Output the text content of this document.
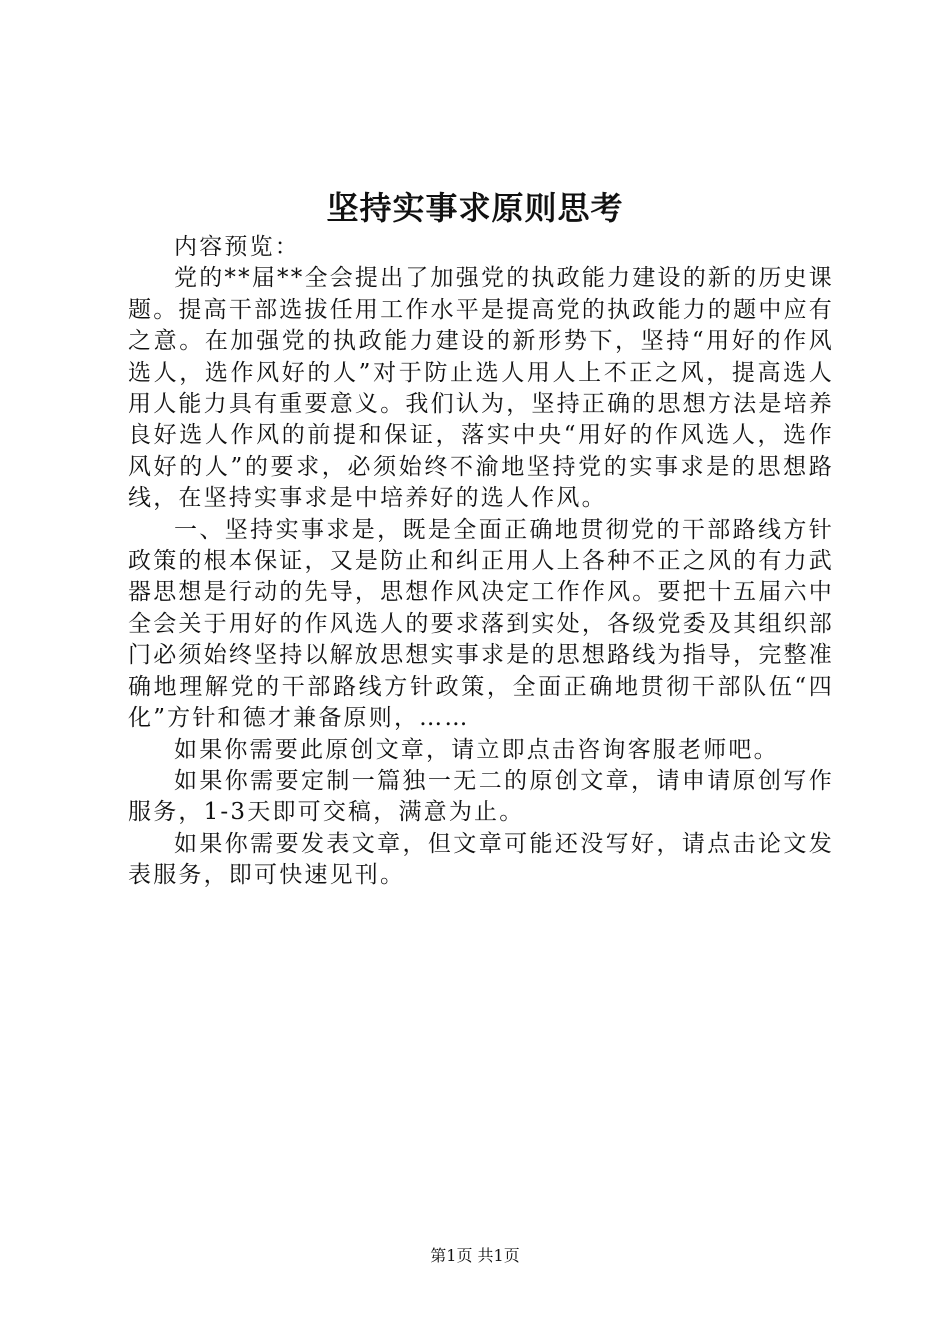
坚持实事求原则思考

内容预览：

党的**届**全会提出了加强党的执政能力建设的新的历史课题。提高干部选拔任用工作水平是提高党的执政能力的题中应有之意。在加强党的执政能力建设的新形势下，坚持“用好的作风选人，选作风好的人”对于防止选人用人上不正之风，提高选人用人能力具有重要意义。我们认为，坚持正确的思想方法是培养良好选人作风的前提和保证，落实中央“用好的作风选人，选作风好的人”的要求，必须始终不渝地坚持党的实事求是的思想路线，在坚持实事求是中培养好的选人作风。

一、坚持实事求是，既是全面正确地贯彻党的干部路线方针政策的根本保证，又是防止和纠正用人上各种不正之风的有力武器思想是行动的先导，思想作风决定工作作风。要把十五届六中全会关于用好的作风选人的要求落到实处，各级党委及其组织部门必须始终坚持以解放思想实事求是的思想路线为指导，完整准确地理解党的干部路线方针政策，全面正确地贯彻干部队伍“四化”方针和德才兼备原则，……

如果你需要此原创文章，请立即点击咨询客服老师吧。

如果你需要定制一篇独一无二的原创文章，请申请原创写作服务，1-3天即可交稿，满意为止。

如果你需要发表文章，但文章可能还没写好，请点击论文发表服务，即可快速见刊。

第1页 共1页
